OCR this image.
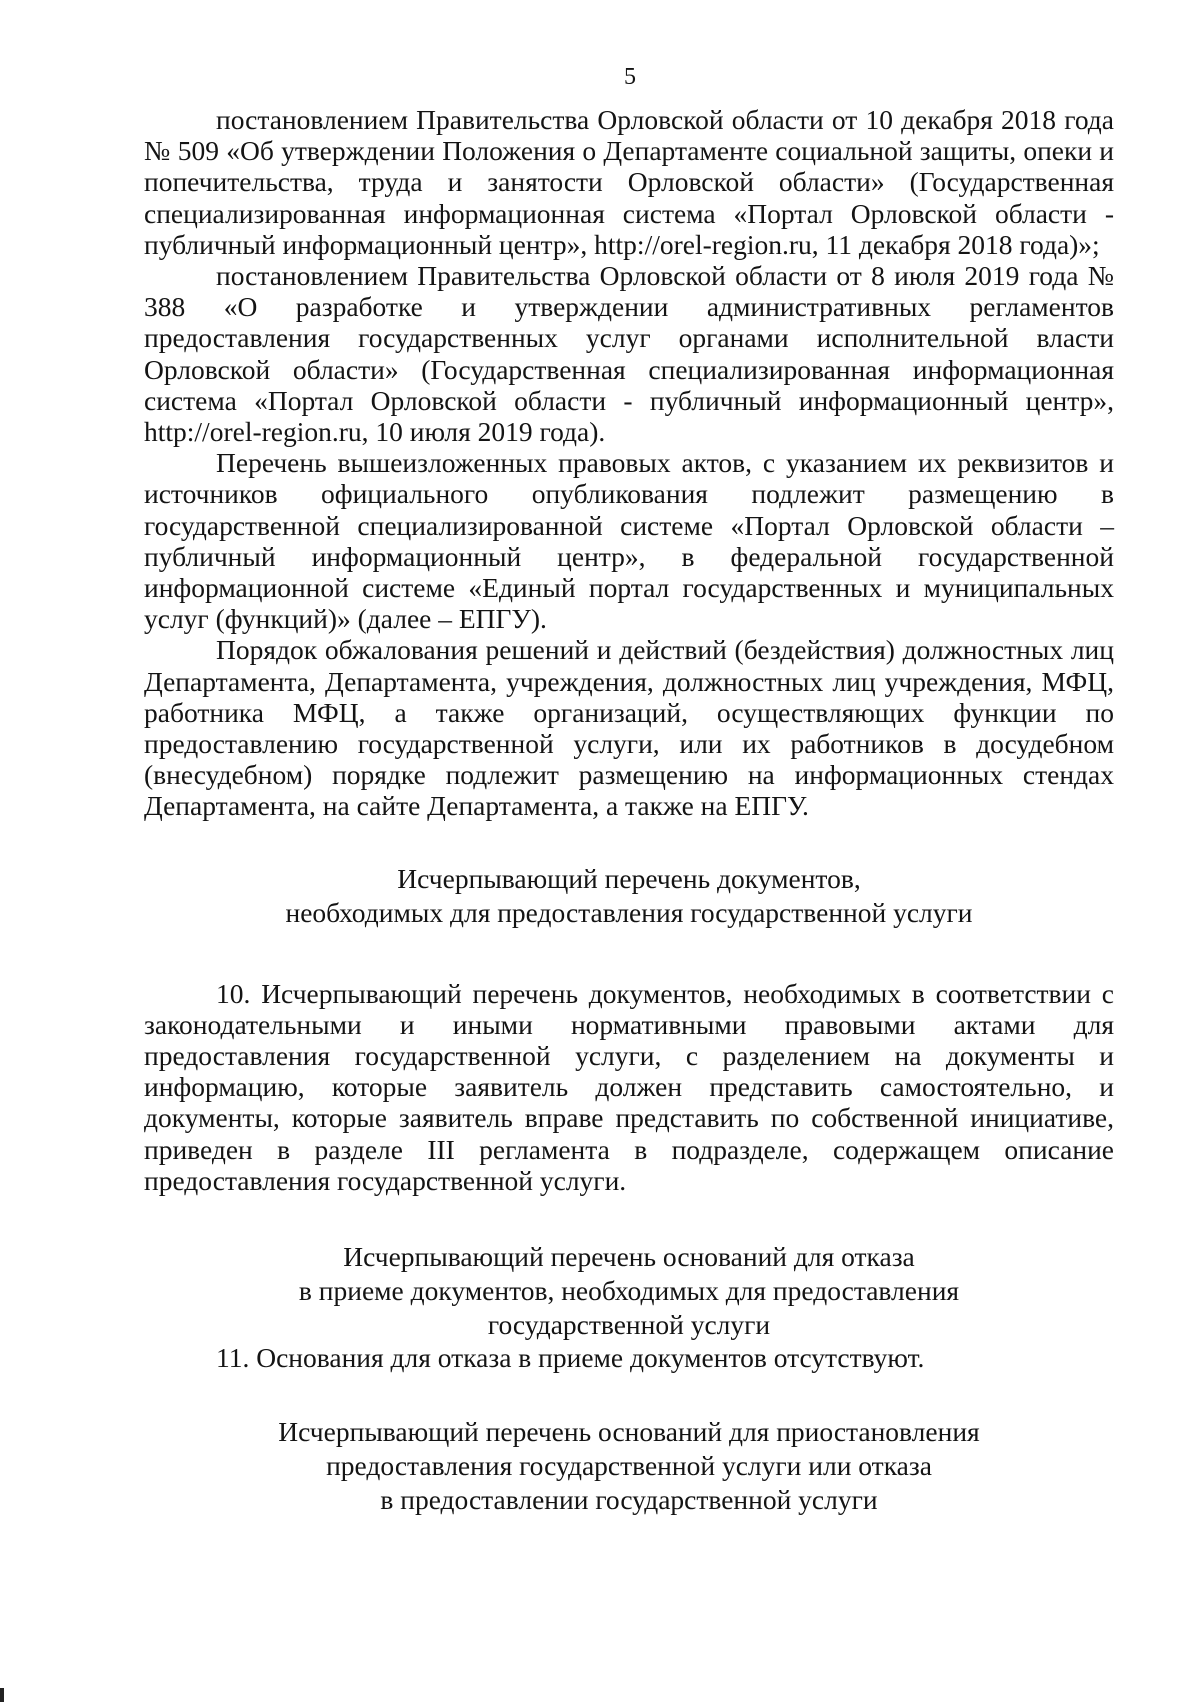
5

постановлением Правительства Орловской области от 10 декабря 2018 года № 509 «Об утверждении Положения о Департаменте социальной защиты, опеки и попечительства, труда и занятости Орловской области» (Государственная специализированная информационная система «Портал Орловской области - публичный информационный центр», http://orel-region.ru, 11 декабря 2018 года)»;

постановлением Правительства Орловской области от 8 июля 2019 года № 388 «О разработке и утверждении административных регламентов предоставления государственных услуг органами исполнительной власти Орловской области» (Государственная специализированная информационная система «Портал Орловской области - публичный информационный центр», http://orel-region.ru, 10 июля 2019 года).

Перечень вышеизложенных правовых актов, с указанием их реквизитов и источников официального опубликования подлежит размещению в государственной специализированной системе «Портал Орловской области – публичный информационный центр», в федеральной государственной информационной системе «Единый портал государственных и муниципальных услуг (функций)» (далее – ЕПГУ).

Порядок обжалования решений и действий (бездействия) должностных лиц Департамента, Департамента, учреждения, должностных лиц учреждения, МФЦ, работника МФЦ, а также организаций, осуществляющих функции по предоставлению государственной услуги, или их работников в досудебном (внесудебном) порядке подлежит размещению на информационных стендах Департамента, на сайте Департамента, а также на ЕПГУ.

Исчерпывающий перечень документов,
необходимых для предоставления государственной услуги

10. Исчерпывающий перечень документов, необходимых в соответствии с законодательными и иными нормативными правовыми актами для предоставления государственной услуги, с разделением на документы и информацию, которые заявитель должен представить самостоятельно, и документы, которые заявитель вправе представить по собственной инициативе, приведен в разделе III регламента в подразделе, содержащем описание предоставления государственной услуги.

Исчерпывающий перечень оснований для отказа
в приеме документов, необходимых для предоставления
государственной услуги

11. Основания для отказа в приеме документов отсутствуют.

Исчерпывающий перечень оснований для приостановления
предоставления государственной услуги или отказа
в предоставлении государственной услуги
